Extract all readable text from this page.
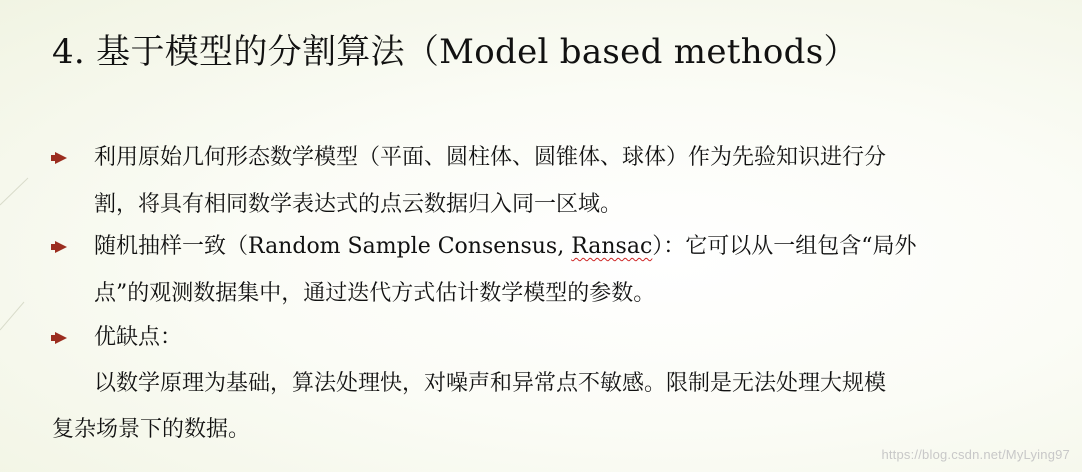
4. 基于模型的分割算法（Model based methods）
利用原始几何形态数学模型（平面、圆柱体、圆锥体、球体）作为先验知识进行分
割，将具有相同数学表达式的点云数据归入同一区域。
随机抽样一致（Random Sample Consensus, Ransac）：它可以从一组包含“局外
点”的观测数据集中，通过迭代方式估计数学模型的参数。
优缺点：
以数学原理为基础，算法处理快，对噪声和异常点不敏感。限制是无法处理大规模
复杂场景下的数据。
https://blog.csdn.net/MyLying97
